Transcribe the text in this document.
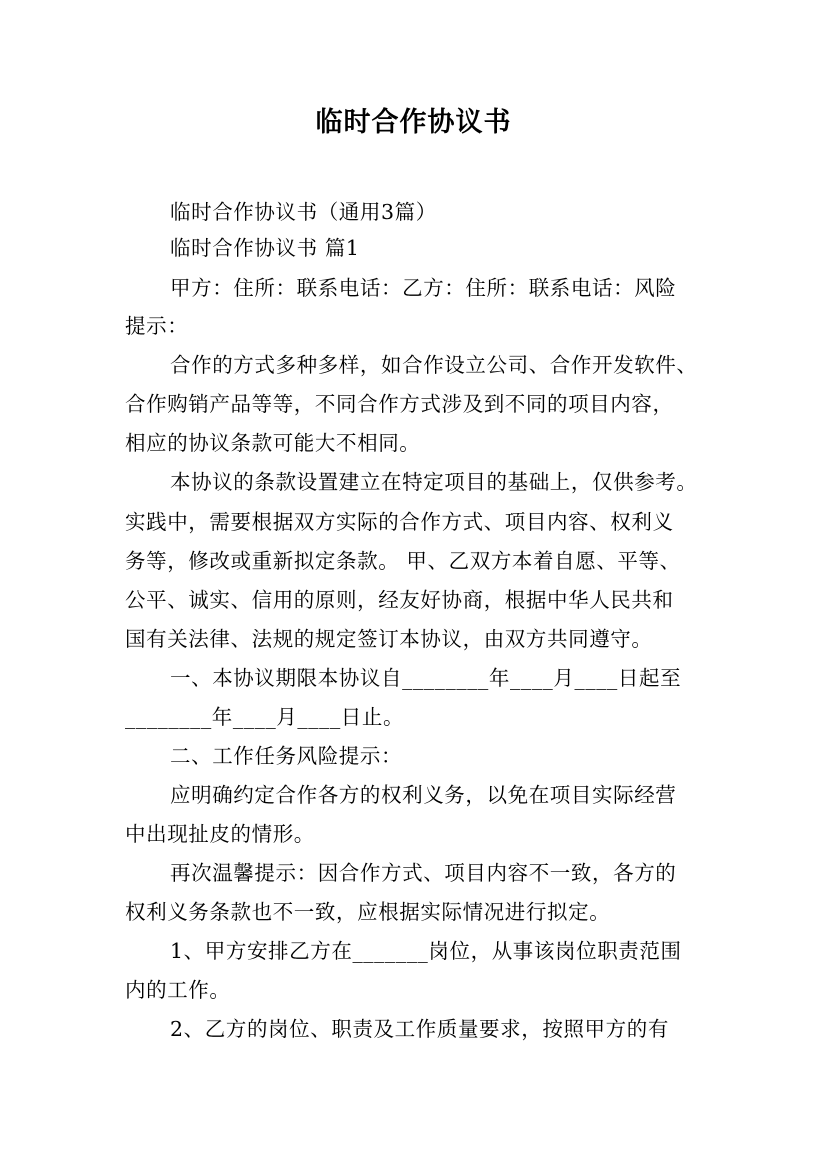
临时合作协议书
临时合作协议书（通用3篇）
临时合作协议书 篇1
甲方：住所：联系电话：乙方：住所：联系电话：风险
提示：
合作的方式多种多样，如合作设立公司、合作开发软件、
合作购销产品等等，不同合作方式涉及到不同的项目内容，
相应的协议条款可能大不相同。
本协议的条款设置建立在特定项目的基础上，仅供参考。
实践中，需要根据双方实际的合作方式、项目内容、权利义
务等，修改或重新拟定条款。 甲、乙双方本着自愿、平等、
公平、诚实、信用的原则，经友好协商，根据中华人民共和
国有关法律、法规的规定签订本协议，由双方共同遵守。
一、本协议期限本协议自________年____月____日起至
________年____月____日止。
二、工作任务风险提示：
应明确约定合作各方的权利义务，以免在项目实际经营
中出现扯皮的情形。
再次温馨提示：因合作方式、项目内容不一致，各方的
权利义务条款也不一致，应根据实际情况进行拟定。
1、甲方安排乙方在_______岗位，从事该岗位职责范围
内的工作。
2、乙方的岗位、职责及工作质量要求，按照甲方的有
